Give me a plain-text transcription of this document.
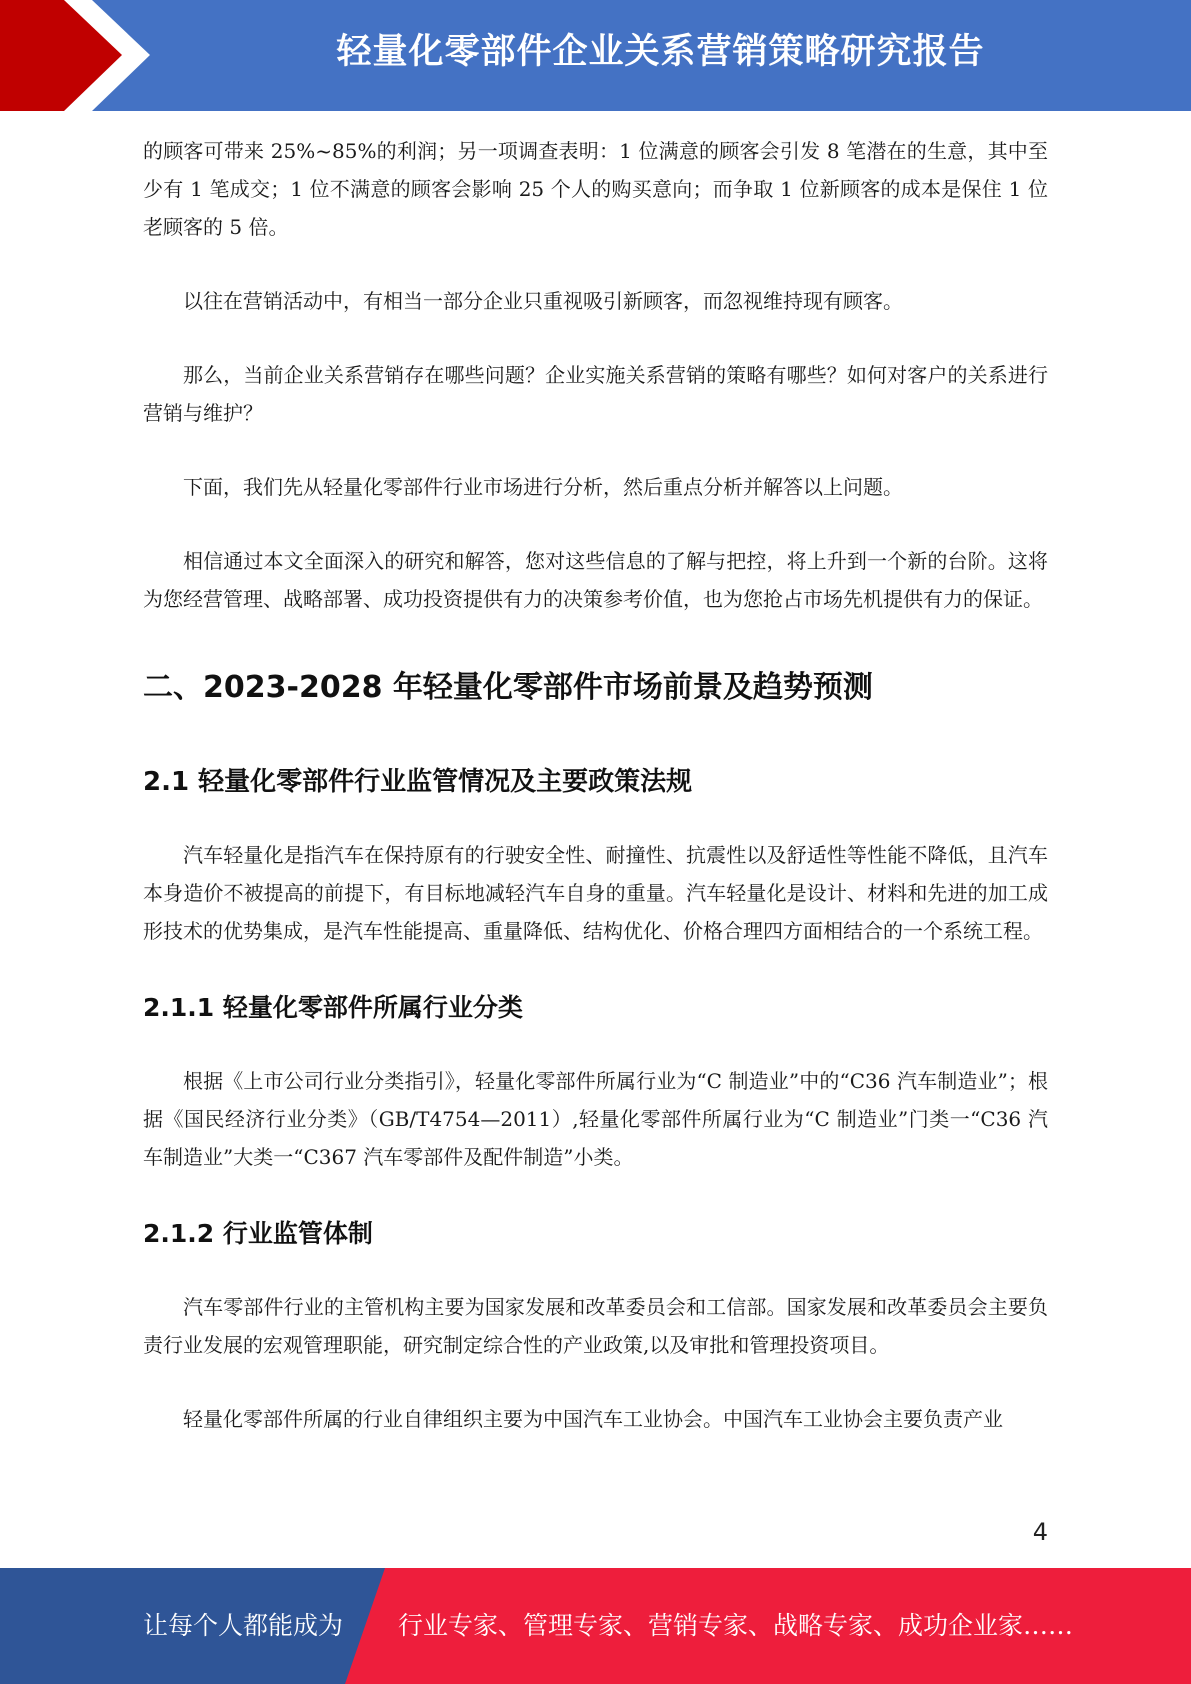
轻量化零部件企业关系营销策略研究报告

的顾客可带来 25%~85%的利润；另一项调查表明：1 位满意的顾客会引发 8 笔潜在的生意，其中至少有 1 笔成交；1 位不满意的顾客会影响 25 个人的购买意向；而争取 1 位新顾客的成本是保住 1 位老顾客的 5 倍。

以往在营销活动中，有相当一部分企业只重视吸引新顾客，而忽视维持现有顾客。

那么，当前企业关系营销存在哪些问题？企业实施关系营销的策略有哪些？如何对客户的关系进行营销与维护？

下面，我们先从轻量化零部件行业市场进行分析，然后重点分析并解答以上问题。

相信通过本文全面深入的研究和解答，您对这些信息的了解与把控，将上升到一个新的台阶。这将为您经营管理、战略部署、成功投资提供有力的决策参考价值，也为您抢占市场先机提供有力的保证。

二、2023-2028 年轻量化零部件市场前景及趋势预测
2.1 轻量化零部件行业监管情况及主要政策法规

汽车轻量化是指汽车在保持原有的行驶安全性、耐撞性、抗震性以及舒适性等性能不降低，且汽车本身造价不被提高的前提下，有目标地减轻汽车自身的重量。汽车轻量化是设计、材料和先进的加工成形技术的优势集成，是汽车性能提高、重量降低、结构优化、价格合理四方面相结合的一个系统工程。

2.1.1 轻量化零部件所属行业分类

根据《上市公司行业分类指引》，轻量化零部件所属行业为“C 制造业”中的“C36 汽车制造业”；根据《国民经济行业分类》（GB/T4754—2011）,轻量化零部件所属行业为“C 制造业”门类一“C36 汽车制造业”大类一“C367 汽车零部件及配件制造”小类。

2.1.2 行业监管体制

汽车零部件行业的主管机构主要为国家发展和改革委员会和工信部。国家发展和改革委员会主要负责行业发展的宏观管理职能，研究制定综合性的产业政策,以及审批和管理投资项目。

轻量化零部件所属的行业自律组织主要为中国汽车工业协会。中国汽车工业协会主要负责产业

4
让每个人都能成为 行业专家、管理专家、营销专家、战略专家、成功企业家……
